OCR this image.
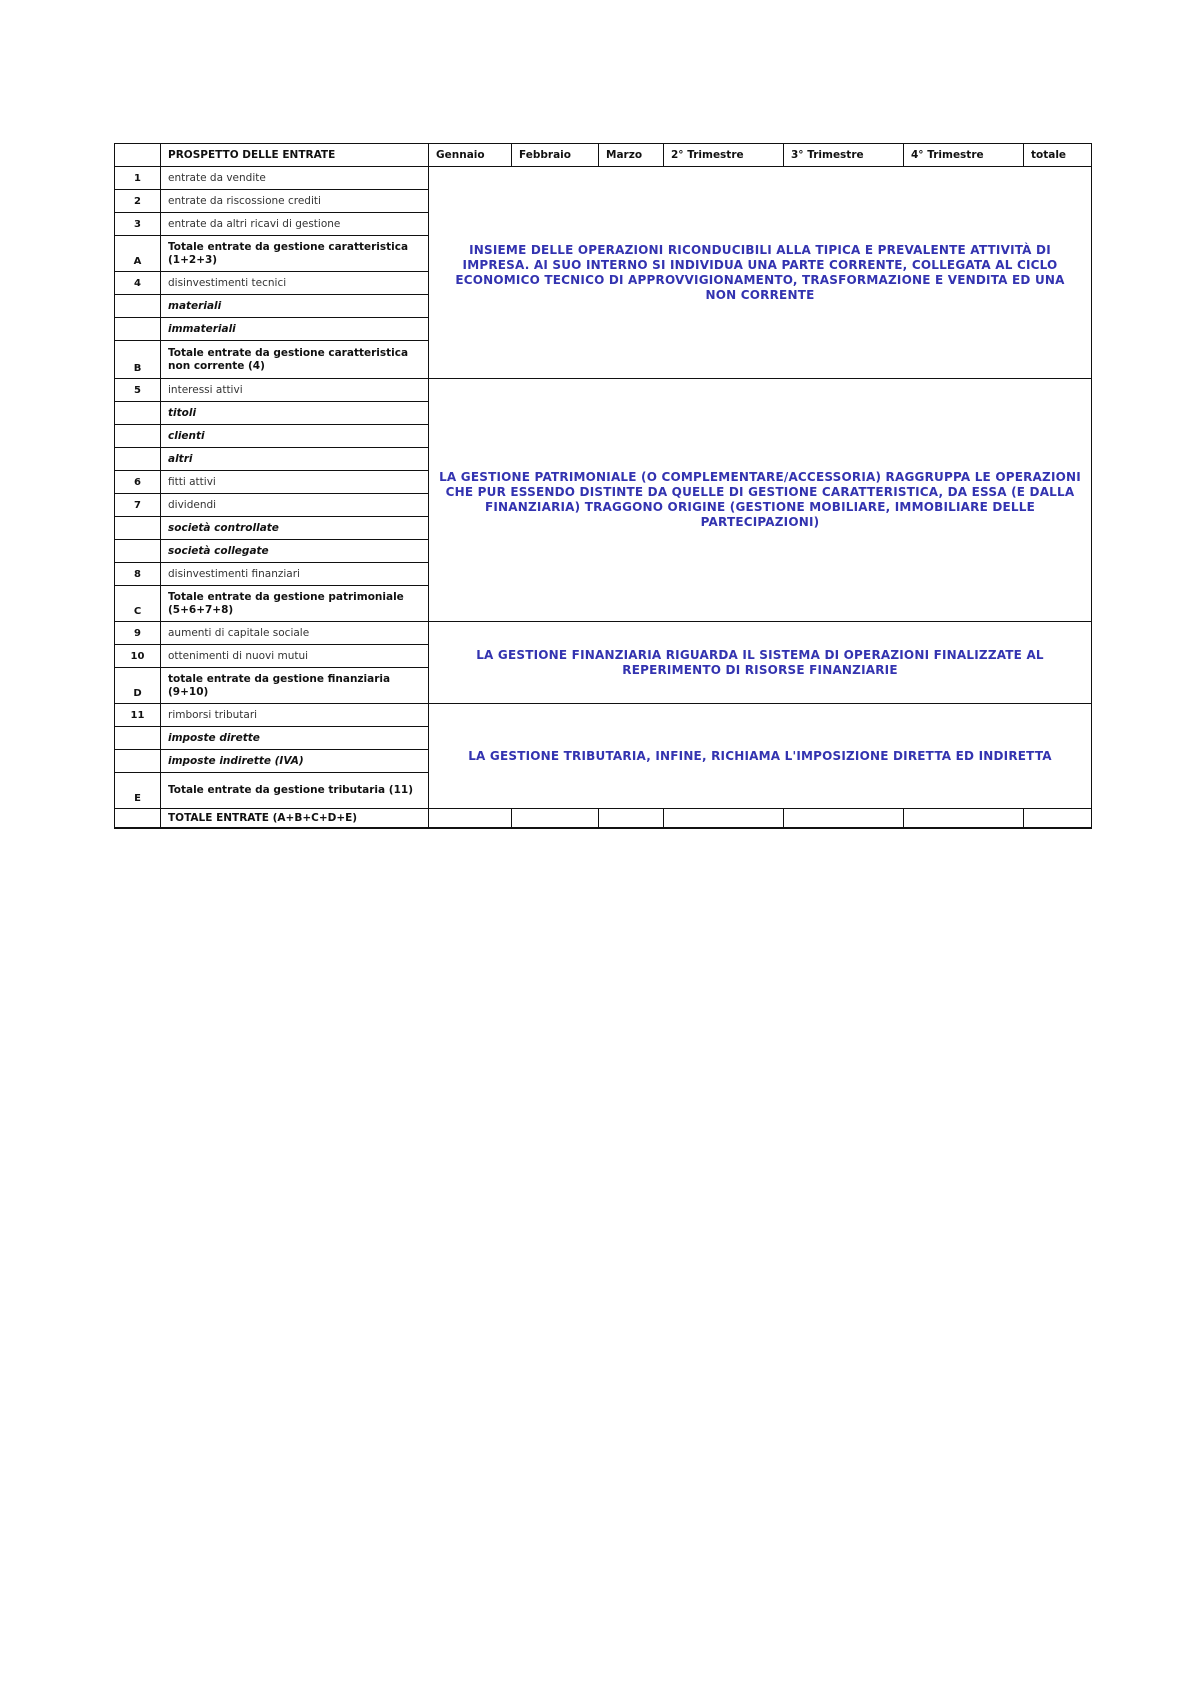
	PROSPETTO DELLE ENTRATE	Gennaio	Febbraio	Marzo	2° Trimestre	3° Trimestre	4° Trimestre	totale
1	entrate da vendite	INSIEME DELLE OPERAZIONI RICONDUCIBILI ALLA TIPICA E PREVALENTE ATTIVITÀ DI IMPRESA. AI SUO INTERNO SI INDIVIDUA UNA PARTE CORRENTE, COLLEGATA AL CICLO ECONOMICO TECNICO DI APPROVVIGIONAMENTO, TRASFORMAZIONE E VENDITA ED UNA NON CORRENTE						
2	entrate da riscossione crediti							
3	entrate da altri ricavi di gestione							
A	Totale entrate da gestione caratteristica (1+2+3)							
4	disinvestimenti tecnici							
	materiali							
	immateriali							
B	Totale entrate da gestione caratteristica non corrente (4)							
5	interessi attivi	LA GESTIONE PATRIMONIALE (O COMPLEMENTARE/ACCESSORIA) RAGGRUPPA LE OPERAZIONI CHE PUR ESSENDO DISTINTE DA QUELLE DI GESTIONE CARATTERISTICA, DA ESSA (E DALLA FINANZIARIA) TRAGGONO ORIGINE (GESTIONE MOBILIARE, IMMOBILIARE DELLE PARTECIPAZIONI)						
	titoli							
	clienti							
	altri							
6	fitti attivi							
7	dividendi							
	società controllate							
	società collegate							
8	disinvestimenti finanziari							
C	Totale entrate da gestione patrimoniale (5+6+7+8)							
9	aumenti di capitale sociale	LA GESTIONE FINANZIARIA RIGUARDA IL SISTEMA DI OPERAZIONI FINALIZZATE AL REPERIMENTO DI RISORSE FINANZIARIE						
10	ottenimenti di nuovi mutui							
D	totale entrate da gestione finanziaria (9+10)							
11	rimborsi tributari	LA GESTIONE TRIBUTARIA, INFINE, RICHIAMA L'IMPOSIZIONE DIRETTA ED INDIRETTA						
	imposte dirette							
	imposte indirette (IVA)							
E	Totale entrate da gestione tributaria (11)							
	TOTALE ENTRATE (A+B+C+D+E)							
